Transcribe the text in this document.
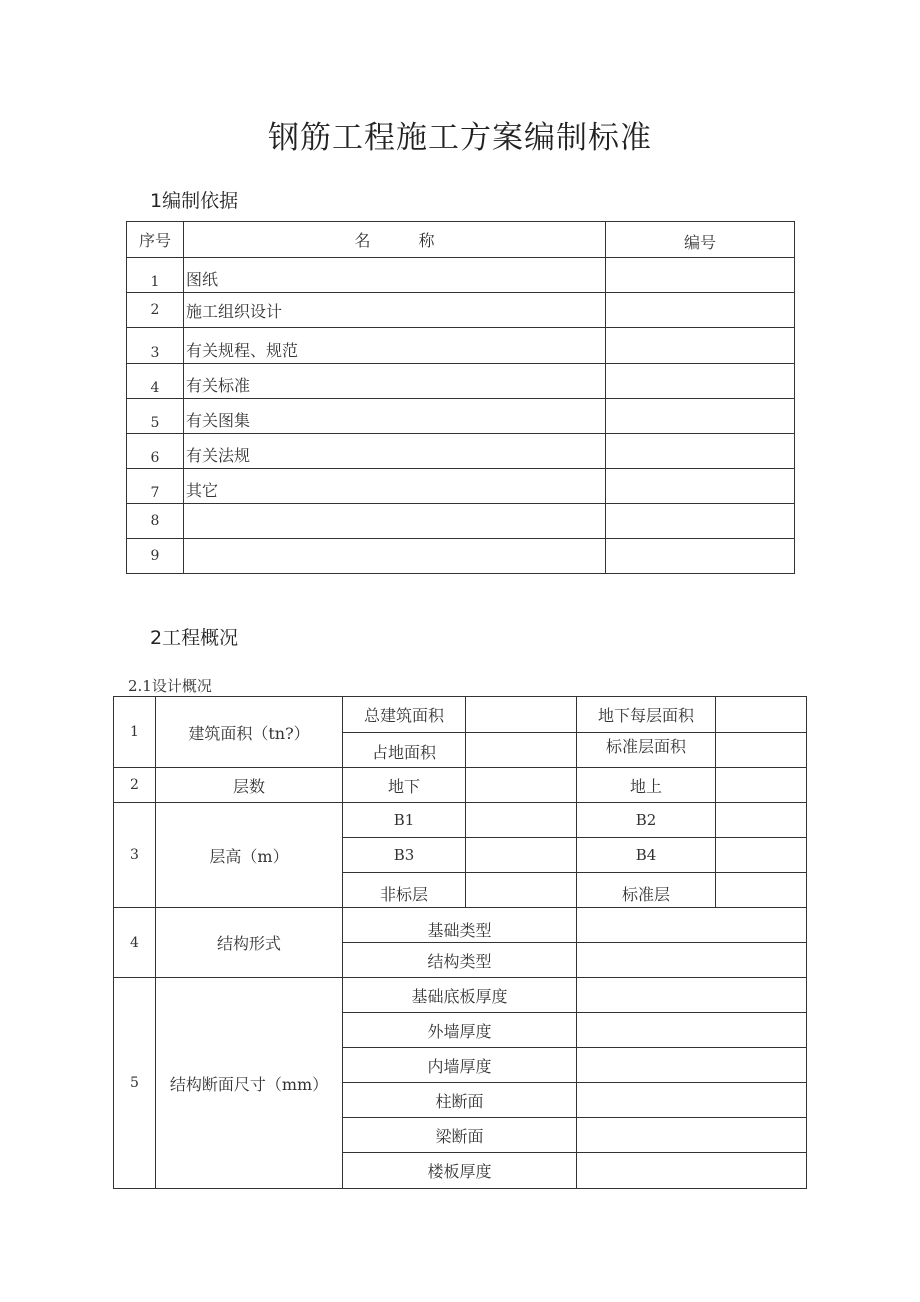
钢筋工程施工方案编制标准
1编制依据
序号	名　　　称	编号
1	图纸	
2	施工组织设计	
3	有关规程、规范	
4	有关标准	
5	有关图集	
6	有关法规	
7	其它	
8		
9		
2工程概况
2.1设计概况
1	建筑面积（tn?）	总建筑面积		地下每层面积	
		占地面积		标准层面积	
2	层数	地下		地上	
3	层高（m）	B1		B2	
		B3		B4	
		非标层		标准层	
4	结构形式	基础类型			
		结构类型			
5	结构断面尺寸（mm）	基础底板厚度			
		外墙厚度			
		内墙厚度			
		柱断面			
		梁断面			
		楼板厚度			
